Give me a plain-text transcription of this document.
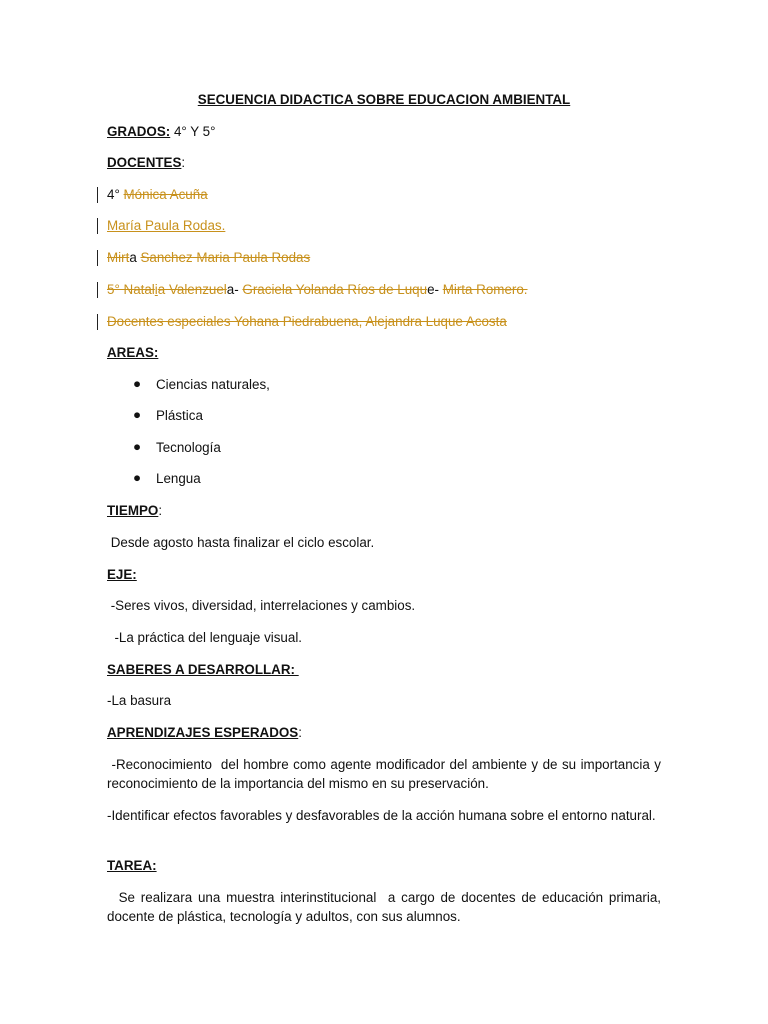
SECUENCIA DIDACTICA SOBRE EDUCACION AMBIENTAL
GRADOS: 4° Y 5°
DOCENTES:
4° Mónica Acuña
María Paula Rodas.
Mirta Sanchez Maria Paula Rodas
5° Natalia Valenzuela- Graciela Yolanda Ríos de Luque- Mirta Romero.
Docentes especiales Yohana Piedrabuena, Alejandra Luque Acosta
AREAS:
● Ciencias naturales,
● Plástica
● Tecnología
● Lengua
TIEMPO:
Desde agosto hasta finalizar el ciclo escolar.
EJE:
-Seres vivos, diversidad, interrelaciones y cambios.
-La práctica del lenguaje visual.
SABERES A DESARROLLAR:
-La basura
APRENDIZAJES ESPERADOS:
-Reconocimiento  del hombre como agente modificador del ambiente y de su importancia y reconocimiento de la importancia del mismo en su preservación.
-Identificar efectos favorables y desfavorables de la acción humana sobre el entorno natural.
TAREA:
Se realizara una muestra interinstitucional  a cargo de docentes de educación primaria, docente de plástica, tecnología y adultos, con sus alumnos.
